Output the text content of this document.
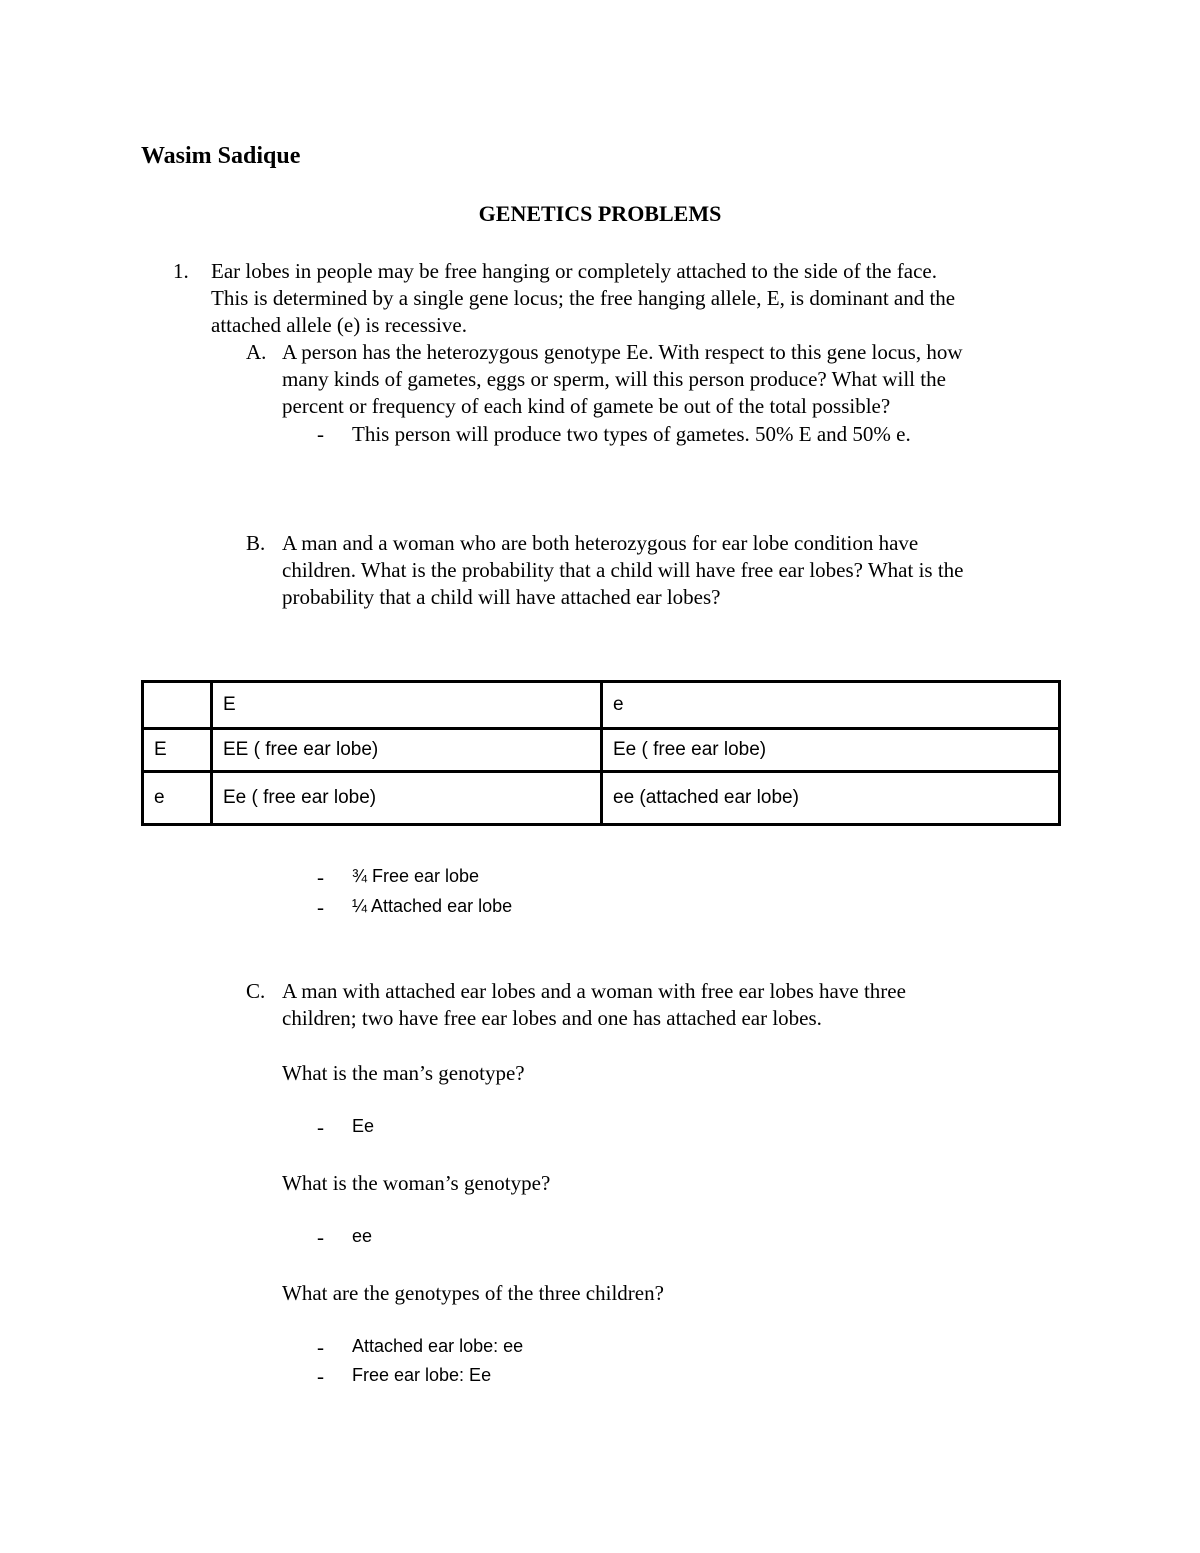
Wasim Sadique
GENETICS PROBLEMS
1. Ear lobes in people may be free hanging or completely attached to the side of the face.
This is determined by a single gene locus; the free hanging allele, E, is dominant and the
attached allele (e) is recessive.
A. A person has the heterozygous genotype Ee. With respect to this gene locus, how
many kinds of gametes, eggs or sperm, will this person produce? What will the
percent or frequency of each kind of gamete be out of the total possible?
- This person will produce two types of gametes. 50% E and 50% e.
B. A man and a woman who are both heterozygous for ear lobe condition have
children. What is the probability that a child will have free ear lobes? What is the
probability that a child will have attached ear lobes?
	E	e
E	EE ( free ear lobe)	Ee ( free ear lobe)
e	Ee ( free ear lobe)	ee (attached ear lobe)
- ¾ Free ear lobe
- ¼ Attached ear lobe
C. A man with attached ear lobes and a woman with free ear lobes have three
children; two have free ear lobes and one has attached ear lobes.
What is the man’s genotype?
- Ee
What is the woman’s genotype?
- ee
What are the genotypes of the three children?
- Attached ear lobe: ee
- Free ear lobe: Ee
